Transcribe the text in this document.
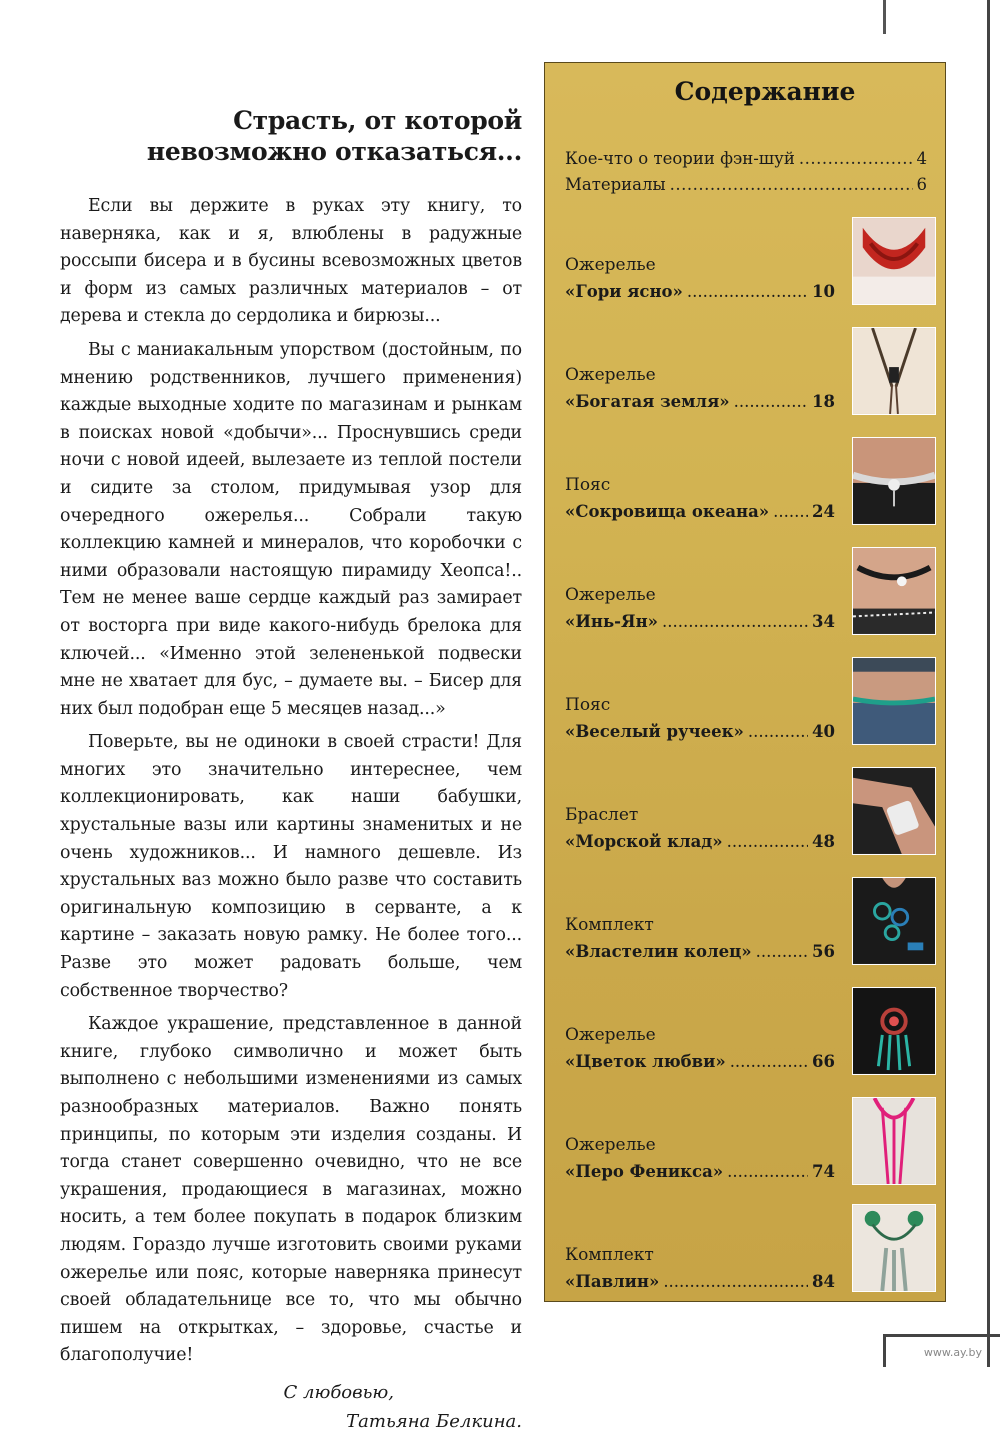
Страсть, от которой невозможно отказаться...

Если вы держите в руках эту книгу, то наверняка, как и я, влюблены в радужные россыпи бисера и в бусины всевозможных цветов и форм из самых различных материалов – от дерева и стекла до сердолика и бирюзы...

Вы с маниакальным упорством (достойным, по мнению родственников, лучшего применения) каждые выходные ходите по магазинам и рынкам в поисках новой «добычи»... Проснувшись среди ночи с новой идеей, вылезаете из теплой постели и сидите за столом, придумывая узор для очередного ожерелья... Собрали такую коллекцию камней и минералов, что коробочки с ними образовали настоящую пирамиду Хеопса!.. Тем не менее ваше сердце каждый раз замирает от восторга при виде какого-нибудь брелока для ключей... «Именно этой зелененькой подвески мне не хватает для бус, – думаете вы. – Бисер для них был подобран еще 5 месяцев назад...»

Поверьте, вы не одиноки в своей страсти! Для многих это значительно интереснее, чем коллекционировать, как наши бабушки, хрустальные вазы или картины знаменитых и не очень художников... И намного дешевле. Из хрустальных ваз можно было разве что составить оригинальную композицию в серванте, а к картине – заказать новую рамку. Не более того... Разве это может радовать больше, чем собственное творчество?

Каждое украшение, представленное в данной книге, глубоко символично и может быть выполнено с небольшими изменениями из самых разнообразных материалов. Важно понять принципы, по которым эти изделия созданы. И тогда станет совершенно очевидно, что не все украшения, продающиеся в магазинах, можно носить, а тем более покупать в подарок близким людям. Гораздо лучше изготовить своими руками ожерелье или пояс, которые наверняка принесут своей обладательнице все то, что мы обычно пишем на открытках, – здоровье, счастье и благополучие!

С любовью,
Татьяна Белкина.
Содержание
Кое-что о теории фэн-шуй .....	4
Материалы .....	6
Ожерелье
«Гори ясно» .....	10
Ожерелье
«Богатая земля» .....	18
Пояс
«Сокровища океана» .....	24
Ожерелье
«Инь-Ян» .....	34
Пояс
«Веселый ручеек» .....	40
Браслет
«Морской клад» .....	48
Комплект
«Властелин колец» .....	56
Ожерелье
«Цветок любви» .....	66
Ожерелье
«Перо Феникса» .....	74
Комплект
«Павлин» .....	84
www.ay.by
